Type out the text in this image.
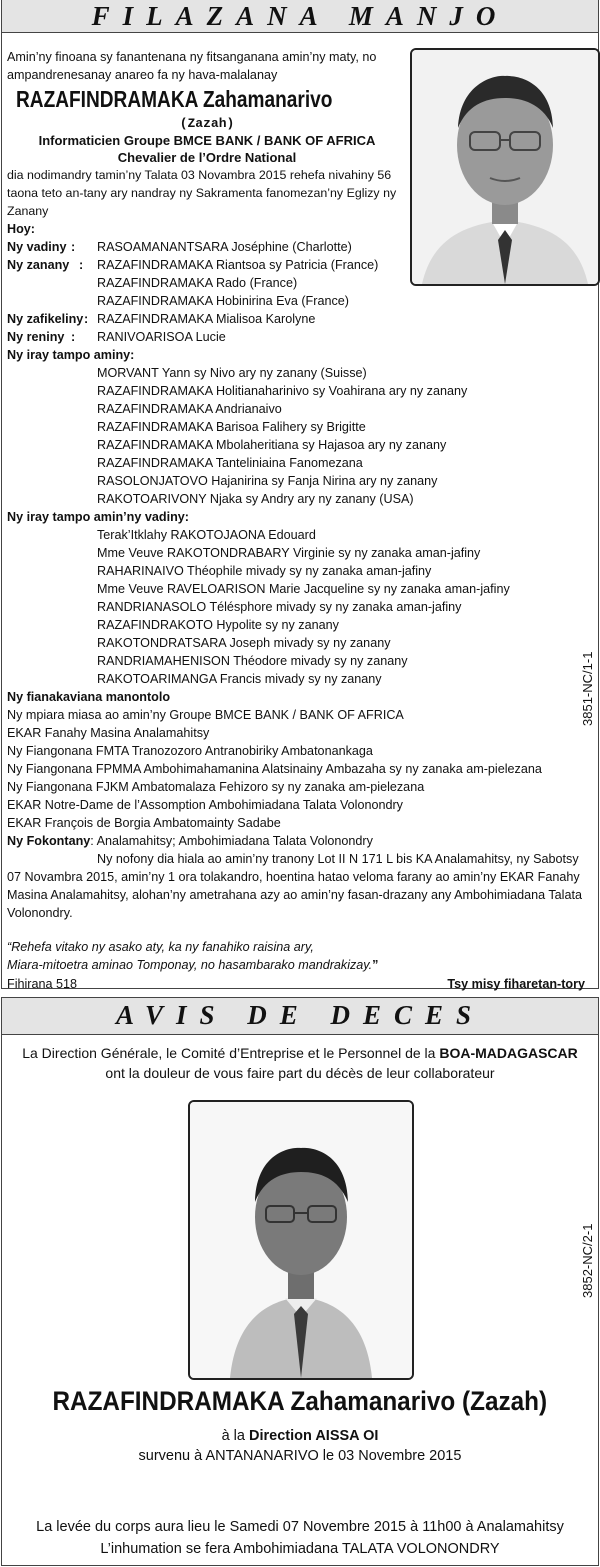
FILAZANA MANJO
Amin’ny finoana sy fanantenana ny fitsanganana amin’ny maty, no ampandrenesanay anareo fa ny hava-malalanay
RAZAFINDRAMAKA Zahamanarivo
(Zazah)
Informaticien Groupe BMCE BANK / BANK OF AFRICA
Chevalier de l’Ordre National
dia nodimandry tamin’ny Talata 03 Novambra 2015 rehefa nivahiny 56 taona teto an-tany ary nandray ny Sakramenta fanomezan’ny Eglizy ny Zanany
Hoy:
Ny vadiny : RASOAMANANTSARA Joséphine (Charlotte)
Ny zanany : RAZAFINDRAMAKA Riantsoa sy Patricia (France)
RAZAFINDRAMAKA Rado (France)
RAZAFINDRAMAKA Hobinirina Eva (France)
Ny zafikeliny: RAZAFINDRAMAKA Mialisoa Karolyne
Ny reniny : RANIVOARISOA Lucie
Ny iray tampo aminy:
MORVANT Yann sy Nivo ary ny zanany (Suisse)
RAZAFINDRAMAKA Holitianaharinivo sy Voahirana ary ny zanany
RAZAFINDRAMAKA Andrianaivo
RAZAFINDRAMAKA Barisoa Falihery sy Brigitte
RAZAFINDRAMAKA Mbolaheritiana sy Hajasoa ary ny zanany
RAZAFINDRAMAKA Tanteliniaina Fanomezana
RASOLONJATOVO Hajanirina sy Fanja Nirina ary ny zanany
RAKOTOARIVONY Njaka sy Andry ary ny zanany (USA)
Ny iray tampo amin’ny vadiny:
Terak’Itklahy RAKOTOJAONA Edouard
Mme Veuve RAKOTONDRABARY Virginie sy ny zanaka aman-jafiny
RAHARINAIVO Théophile mivady sy ny zanaka aman-jafiny
Mme Veuve RAVELOARISON Marie Jacqueline sy ny zanaka aman-jafiny
RANDRIANASOLO Télésphore mivady sy ny zanaka aman-jafiny
RAZAFINDRAKOTO Hypolite sy ny zanany
RAKOTONDRATSARA Joseph mivady sy ny zanany
RANDRIAMAHENISON Théodore mivady sy ny zanany
RAKOTOARIMANGA Francis mivady sy ny zanany
Ny fianakaviana manontolo
Ny mpiara miasa ao amin’ny Groupe BMCE BANK / BANK OF AFRICA
EKAR Fanahy Masina Analamahitsy
Ny Fiangonana FMTA Tranozozoro Antranobiriky Ambatonankaga
Ny Fiangonana FPMMA Ambohimahamanina Alatsinainy Ambazaha sy ny zanaka am-pielezana
Ny Fiangonana FJKM Ambatomalaza Fehizoro sy ny zanaka am-pielezana
EKAR Notre-Dame de l’Assomption Ambohimiadana Talata Volonondry
EKAR François de Borgia Ambatomainty Sadabe
Ny Fokontany: Analamahitsy; Ambohimiadana Talata Volonondry
Ny nofony dia hiala ao amin’ny tranony Lot II N 171 L bis KA Analamahitsy, ny Sabotsy 07 Novambra 2015, amin’ny 1 ora tolakandro, hoentina hatao veloma farany ao amin’ny EKAR Fanahy Masina Analamahitsy, alohan’ny ametrahana azy ao amin’ny fasan-drazany any Ambohimiadana Talata Volonondry.
“Rehefa vitako ny asako aty, ka ny fanahiko raisina ary,
Miara-mitoetra aminao Tomponay, no hasambarako mandrakizay.”
Fihirana 518	Tsy misy fiharetan-tory
3851-NC/1-1
AVIS DE DECES
La Direction Générale, le Comité d’Entreprise et le Personnel de la BOA-MADAGASCAR
ont la douleur de vous faire part du décès de leur collaborateur
RAZAFINDRAMAKA Zahamanarivo (Zazah)
à la Direction AISSA OI
survenu à ANTANANARIVO le 03 Novembre 2015
La levée du corps aura lieu le Samedi 07 Novembre 2015 à 11h00 à Analamahitsy
L’inhumation se fera Ambohimiadana TALATA VOLONONDRY
3852-NC/2-1
